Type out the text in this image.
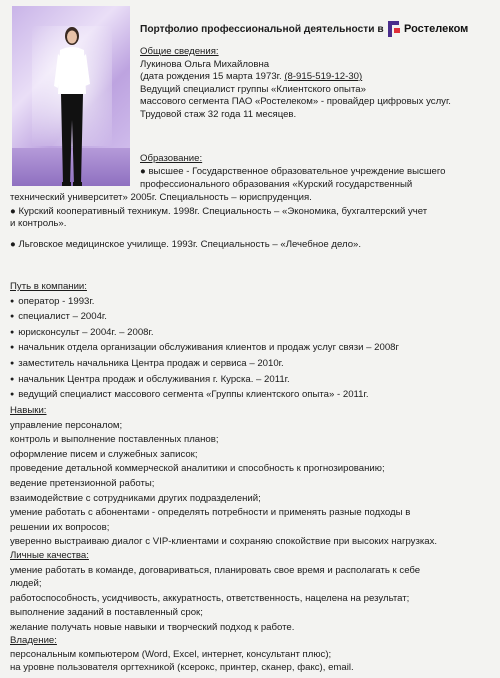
Портфолио профессиональной деятельности в Ростелеком
Общие сведения:
Лукинова Ольга Михайловна
(дата рождения 15 марта 1973г. (8-915-519-12-30)
Ведущий специалист группы «Клиентского опыта»
массового сегмента ПАО «Ростелеком» - провайдер цифровых услуг.
Трудовой стаж 32 года 11 месяцев.
Образование:
● высшее - Государственное образовательное учреждение высшего
профессионального образования «Курский государственный
технический университет» 2005г. Специальность – юриспруденция.
● Курский кооперативный техникум. 1998г. Специальность – «Экономика, бухгалтерский учет
и контроль».
● Льговское медицинское училище. 1993г. Специальность – «Лечебное дело».
Путь в компании:
● оператор - 1993г.
● специалист – 2004г.
● юрисконсульт – 2004г. – 2008г.
● начальник отдела организации обслуживания клиентов и продаж услуг связи – 2008г
● заместитель начальника Центра продаж и сервиса – 2010г.
● начальник Центра продаж и обслуживания г. Курска. – 2011г.
● ведущий специалист массового сегмента «Группы клиентского опыта» - 2011г.
Навыки:
управление персоналом;
контроль и выполнение поставленных планов;
оформление писем и служебных записок;
проведение детальной коммерческой аналитики и способность к прогнозированию;
ведение претензионной работы;
взаимодействие с сотрудниками других подразделений;
умение работать с абонентами - определять потребности и применять разные подходы в
решении их вопросов;
уверенно выстраиваю диалог с VIP-клиентами и сохраняю спокойствие при высоких нагрузках.
Личные качества:
умение работать в команде, договариваться, планировать свое время и располагать к себе
людей;
работоспособность, усидчивость, аккуратность, ответственность, нацелена на результат;
выполнение заданий в поставленный срок;
желание получать новые навыки и творческий подход к работе.
Владение:
персональным компьютером (Word, Excel, интернет, консультант плюс);
на уровне пользователя оргтехникой (ксерокс, принтер, сканер, факс), email.
